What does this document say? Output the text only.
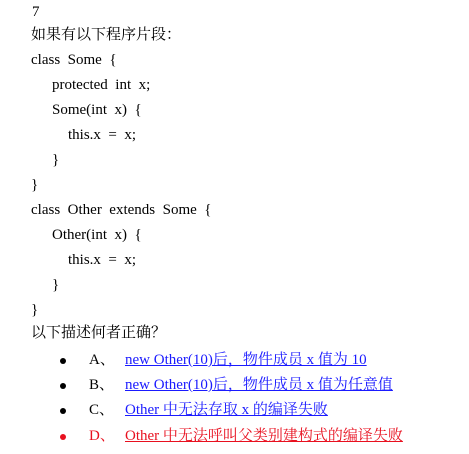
7
如果有以下程序片段：
class  Some  {
protected  int  x;
Some(int  x)  {
this.x  =  x;
}
}
class  Other  extends  Some  {
Other(int  x)  {
this.x  =  x;
}
}
以下描述何者正确？
A、 new Other(10)后，物件成员 x 值为 10
B、 new Other(10)后，物件成员 x 值为任意值
C、 Other 中无法存取 x 的编译失败
D、 Other 中无法呼叫父类别建构式的编译失败
